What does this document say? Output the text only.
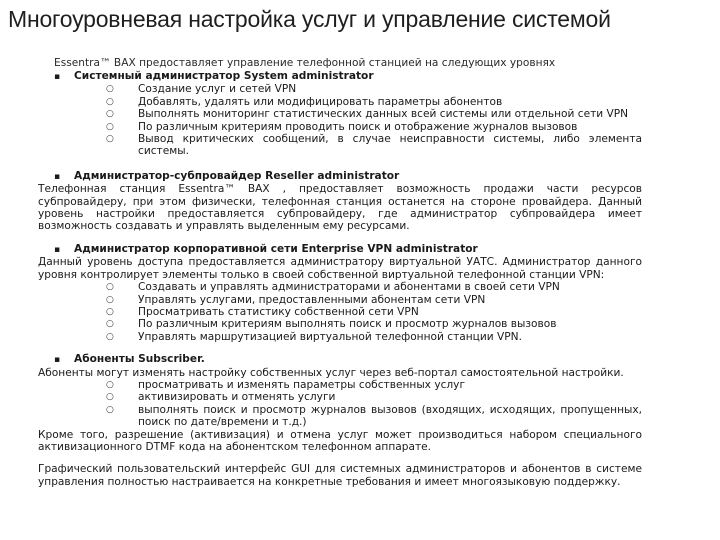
Многоуровневая настройка услуг и управление системой

Essentra™ BAX предоставляет управление телефонной станцией на следующих уровнях

▪	Системный администратор System administrator
○	Создание услуг и сетей VPN
○	Добавлять, удалять или модифицировать параметры абонентов
○	Выполнять мониторинг статистических данных всей системы или отдельной сети VPN
○	По различным критериям проводить поиск и отображение журналов вызовов
○	Вывод критических сообщений, в случае неисправности системы, либо элемента системы.
▪	Администратор-субпровайдер Reseller administrator

Телефонная станция Essentra™ BAX , предоставляет возможность продажи части ресурсов субпровайдеру, при этом физически, телефонная станция останется на стороне провайдера. Данный уровень настройки предоставляется субпровайдеру, где администратор субпровайдера имеет возможность создавать и управлять выделенным ему ресурсами.

▪	Администратор корпоративной сети Enterprise VPN administrator

Данный уровень доступа предоставляется администратору виртуальной УАТС. Администратор данного уровня контролирует элементы только в своей собственной виртуальной телефонной станции VPN:

○	Создавать и управлять администраторами и абонентами в своей сети VPN
○	Управлять услугами, предоставленными абонентам сети VPN
○	Просматривать статистику собственной сети VPN
○	По различным критериям выполнять поиск и просмотр журналов вызовов
○	Управлять маршрутизацией виртуальной телефонной станции VPN.
▪	Абоненты Subscriber.

Абоненты могут изменять настройку собственных услуг через веб-портал самостоятельной настройки.

○	просматривать и изменять параметры собственных услуг
○	активизировать и отменять услуги
○	выполнять поиск и просмотр журналов вызовов (входящих, исходящих, пропущенных, поиск по дате/времени и т.д.)

Кроме того, разрешение (активизация) и отмена услуг может производиться набором специального активизационного DTMF кода на абонентском телефонном аппарате.

Графический пользовательский интерфейс GUI для системных администраторов и абонентов в системе управления полностью настраивается на конкретные требования и имеет многоязыковую поддержку.
